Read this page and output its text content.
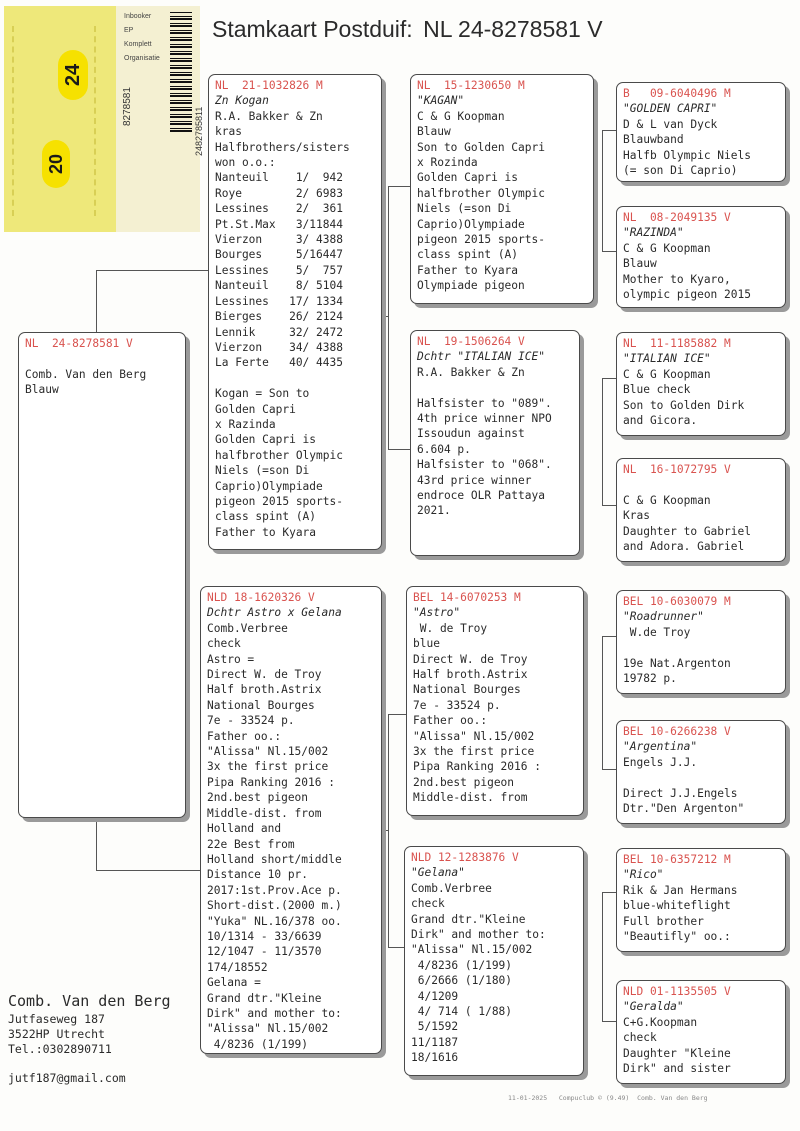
Stamkaart Postduif: NL 24-8278581 V
24
20
8278581
2482785811
Inbooker
EP
Komplett
Organisatie
NL  24-8278581 V

Comb. Van den Berg
Blauw
NL  21-1032826 M
Zn Kogan
R.A. Bakker & Zn
kras
Halfbrothers/sisters
won o.o.:
Nanteuil    1/  942
Roye        2/ 6983
Lessines    2/  361
Pt.St.Max   3/11844
Vierzon     3/ 4388
Bourges     5/16447
Lessines    5/  757
Nanteuil    8/ 5104
Lessines   17/ 1334
Bierges    26/ 2124
Lennik     32/ 2472
Vierzon    34/ 4388
La Ferte   40/ 4435

Kogan = Son to
Golden Capri
x Razinda
Golden Capri is
halfbrother Olympic
Niels (=son Di
Caprio)Olympiade
pigeon 2015 sports-
class spint (A)
Father to Kyara
NLD 18-1620326 V
Dchtr Astro x Gelana
Comb.Verbree
check
Astro =
Direct W. de Troy
Half broth.Astrix
National Bourges
7e - 33524 p.
Father oo.:
"Alissa" Nl.15/002
3x the first price
Pipa Ranking 2016 :
2nd.best pigeon
Middle-dist. from
Holland and
22e Best from
Holland short/middle
Distance 10 pr.
2017:1st.Prov.Ace p.
Short-dist.(2000 m.)
"Yuka" NL.16/378 oo.
10/1314 - 33/6639
12/1047 - 11/3570
174/18552
Gelana =
Grand dtr."Kleine
Dirk" and mother to:
"Alissa" Nl.15/002
4/8236 (1/199)
NL  15-1230650 M
"KAGAN"
C & G Koopman
Blauw
Son to Golden Capri
x Rozinda
Golden Capri is
halfbrother Olympic
Niels (=son Di
Caprio)Olympiade
pigeon 2015 sports-
class spint (A)
Father to Kyara
Olympiade pigeon
NL  19-1506264 V
Dchtr "ITALIAN ICE"
R.A. Bakker & Zn

Halfsister to "089".
4th price winner NPO
Issoudun against
6.604 p.
Halfsister to "068".
43rd price winner
endroce OLR Pattaya
2021.
BEL 14-6070253 M
"Astro"
W. de Troy
blue
Direct W. de Troy
Half broth.Astrix
National Bourges
7e - 33524 p.
Father oo.:
"Alissa" Nl.15/002
3x the first price
Pipa Ranking 2016 :
2nd.best pigeon
Middle-dist. from
NLD 12-1283876 V
"Gelana"
Comb.Verbree
check
Grand dtr."Kleine
Dirk" and mother to:
"Alissa" Nl.15/002
4/8236 (1/199)
6/2666 (1/180)
4/1209
4/ 714 ( 1/88)
5/1592
11/1187
18/1616
B   09-6040496 M
"GOLDEN CAPRI"
D & L van Dyck
Blauwband
Halfb Olympic Niels
(= son Di Caprio)
NL  08-2049135 V
"RAZINDA"
C & G Koopman
Blauw
Mother to Kyaro,
olympic pigeon 2015
NL  11-1185882 M
"ITALIAN ICE"
C & G Koopman
Blue check
Son to Golden Dirk
and Gicora.
NL  16-1072795 V

C & G Koopman
Kras
Daughter to Gabriel
and Adora. Gabriel
BEL 10-6030079 M
"Roadrunner"
W.de Troy

19e Nat.Argenton
19782 p.
BEL 10-6266238 V
"Argentina"
Engels J.J.

Direct J.J.Engels
Dtr."Den Argenton"
BEL 10-6357212 M
"Rico"
Rik & Jan Hermans
blue-whiteflight
Full brother
"Beautifly" oo.:
NLD 01-1135505 V
"Geralda"
C+G.Koopman
check
Daughter "Kleine
Dirk" and sister
Comb. Van den Berg
Jutfaseweg 187
3522HP Utrecht
Tel.:0302890711
jutf187@gmail.com
11-01-2025   Compuclub © (9.49)  Comb. Van den Berg
